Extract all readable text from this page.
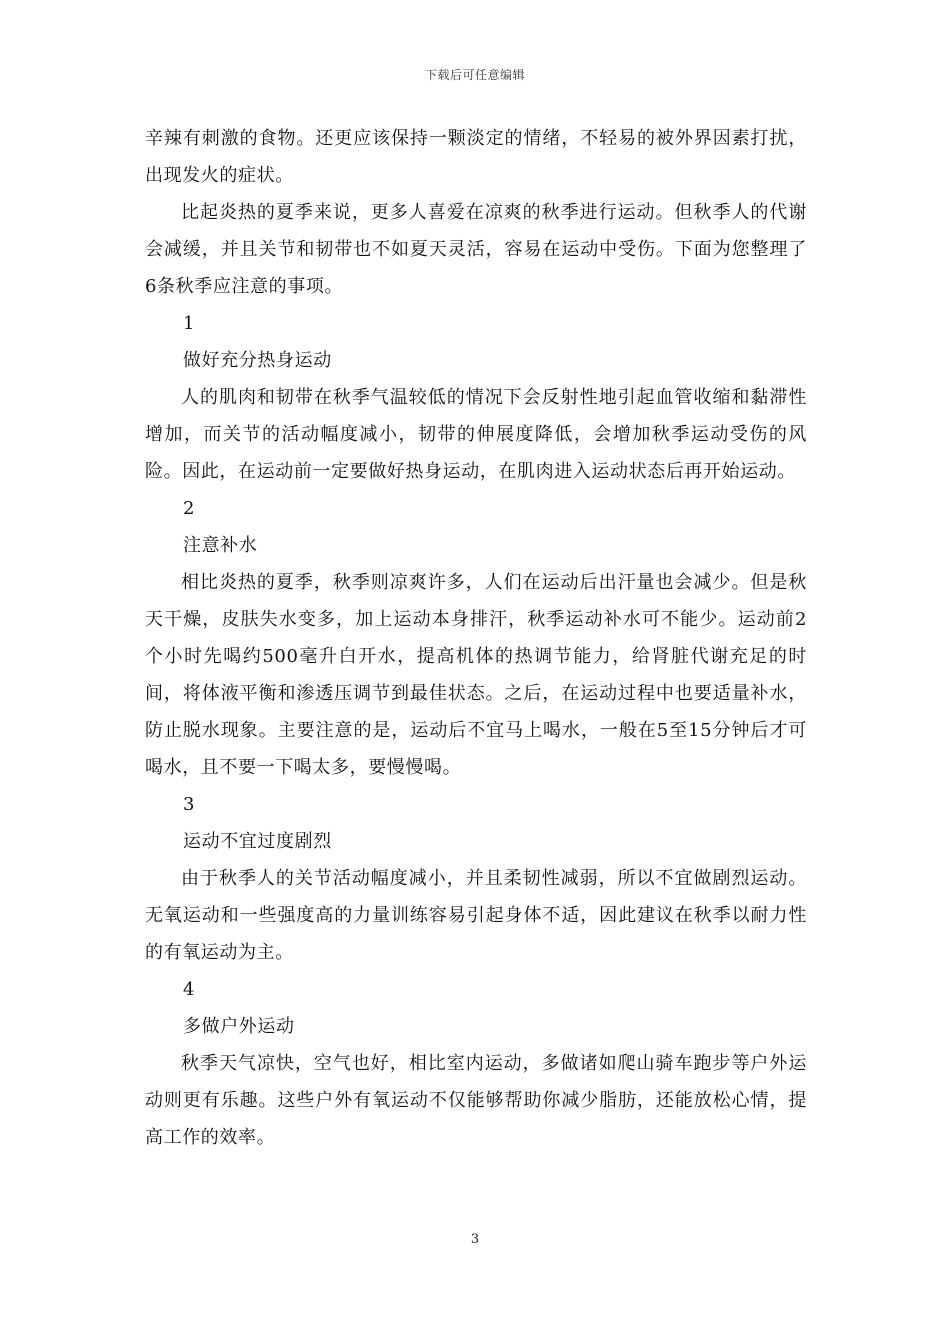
下载后可任意编辑

辛辣有刺激的食物。还更应该保持一颗淡定的情绪，不轻易的被外界因素打扰，出现发火的症状。

比起炎热的夏季来说，更多人喜爱在凉爽的秋季进行运动。但秋季人的代谢会减缓，并且关节和韧带也不如夏天灵活，容易在运动中受伤。下面为您整理了6条秋季应注意的事项。

1

做好充分热身运动

人的肌肉和韧带在秋季气温较低的情况下会反射性地引起血管收缩和黏滞性增加，而关节的活动幅度减小，韧带的伸展度降低，会增加秋季运动受伤的风险。因此，在运动前一定要做好热身运动，在肌肉进入运动状态后再开始运动。

2

注意补水

相比炎热的夏季，秋季则凉爽许多，人们在运动后出汗量也会减少。但是秋天干燥，皮肤失水变多，加上运动本身排汗，秋季运动补水可不能少。运动前2个小时先喝约500毫升白开水，提高机体的热调节能力，给肾脏代谢充足的时间，将体液平衡和渗透压调节到最佳状态。之后，在运动过程中也要适量补水，防止脱水现象。主要注意的是，运动后不宜马上喝水，一般在5至15分钟后才可喝水，且不要一下喝太多，要慢慢喝。

3

运动不宜过度剧烈

由于秋季人的关节活动幅度减小，并且柔韧性减弱，所以不宜做剧烈运动。无氧运动和一些强度高的力量训练容易引起身体不适，因此建议在秋季以耐力性的有氧运动为主。

4

多做户外运动

秋季天气凉快，空气也好，相比室内运动，多做诸如爬山骑车跑步等户外运动则更有乐趣。这些户外有氧运动不仅能够帮助你减少脂肪，还能放松心情，提高工作的效率。

3
